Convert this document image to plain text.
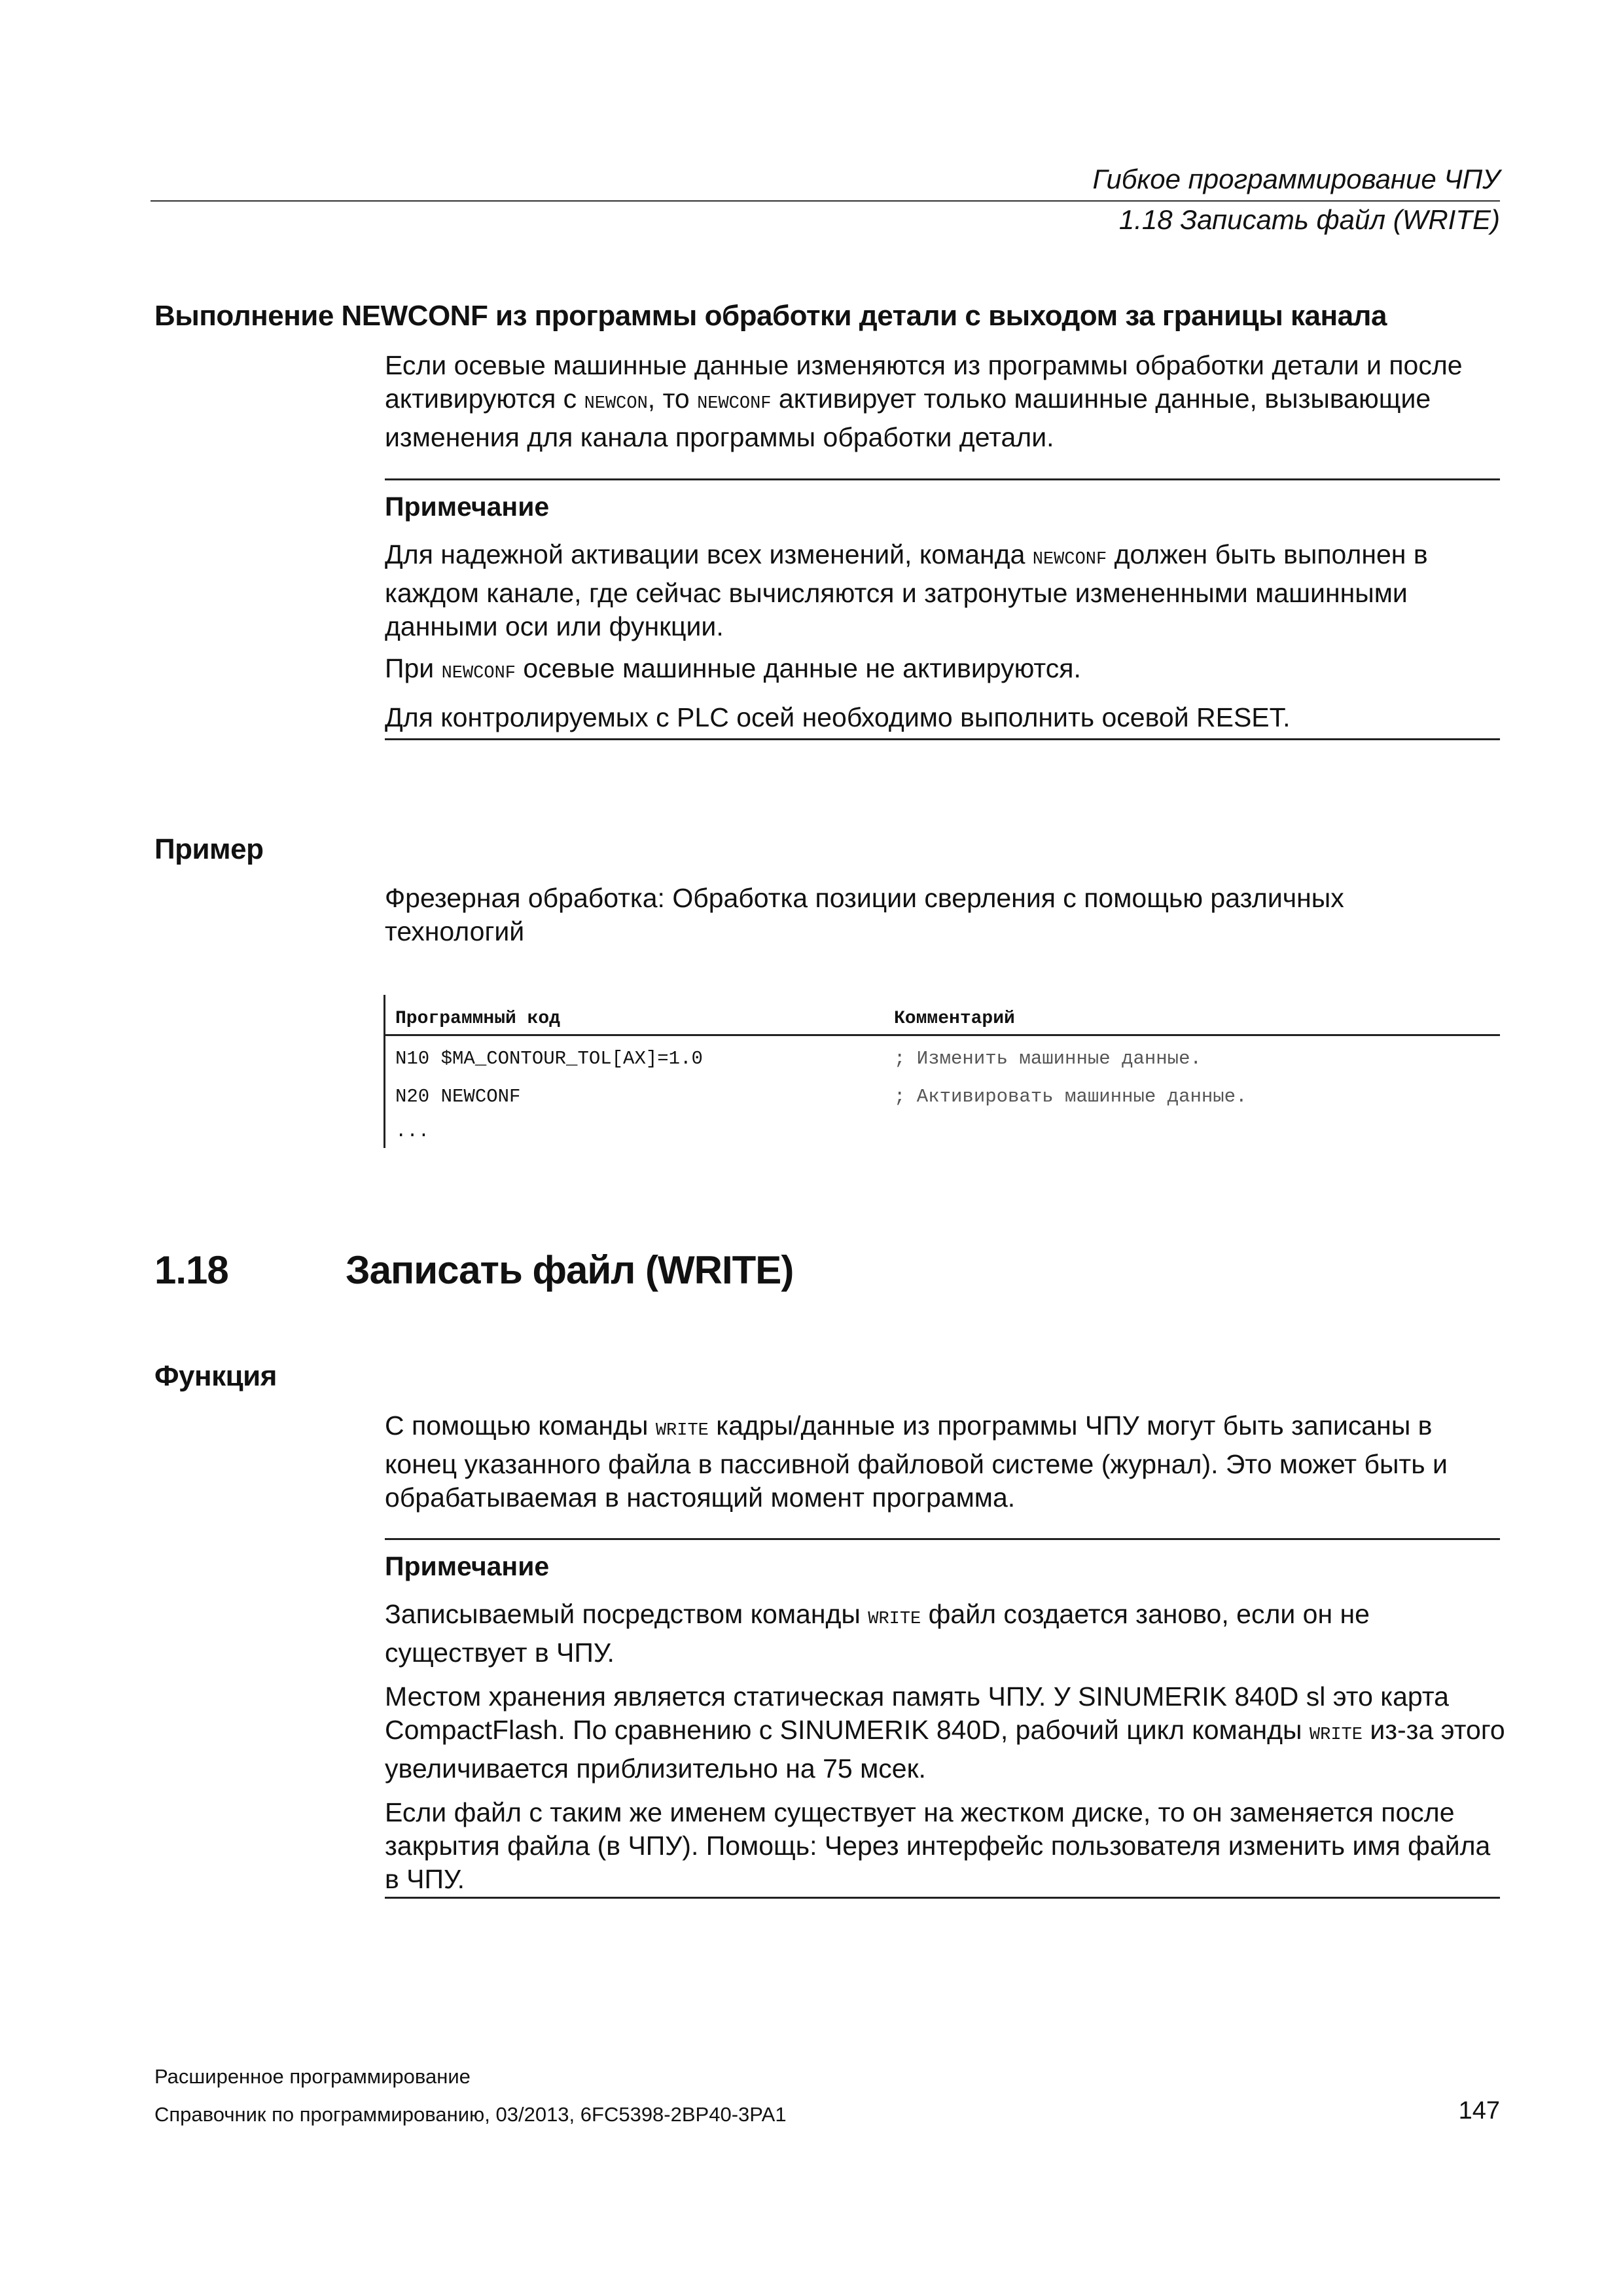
Гибкое программирование ЧПУ
1.18 Записать файл (WRITE)
Выполнение NEWCONF из программы обработки детали с выходом за границы канала

Если осевые машинные данные изменяются из программы обработки детали и после активируются с NEWCON, то NEWCONF активирует только машинные данные, вызывающие изменения для канала программы обработки детали.

Примечание

Для надежной активации всех изменений, команда NEWCONF должен быть выполнен в каждом канале, где сейчас вычисляются и затронутые измененными машинными данными оси или функции.

При NEWCONF осевые машинные данные не активируются.

Для контролируемых с PLC осей необходимо выполнить осевой RESET.
Пример
Фрезерная обработка: Обработка позиции сверления с помощью различных технологий
Программный код	Комментарий
N10 $MA_CONTOUR_TOL[AX]=1.0	; Изменить машинные данные.
N20 NEWCONF	; Активировать машинные данные.
...
1.18	Записать файл (WRITE)
Функция

С помощью команды WRITE кадры/данные из программы ЧПУ могут быть записаны в конец указанного файла в пассивной файловой системе (журнал). Это может быть и обрабатываемая в настоящий момент программа.

Примечание

Записываемый посредством команды WRITE файл создается заново, если он не существует в ЧПУ.

Местом хранения является статическая память ЧПУ. У SINUMERIK 840D sl это карта CompactFlash. По сравнению с SINUMERIK 840D, рабочий цикл команды WRITE из-за этого увеличивается приблизительно на 75 мсек.

Если файл с таким же именем существует на жестком диске, то он заменяется после закрытия файла (в ЧПУ). Помощь: Через интерфейс пользователя изменить имя файла в ЧПУ.
Расширенное программирование
Справочник по программированию, 03/2013, 6FC5398-2BP40-3PA1	147
